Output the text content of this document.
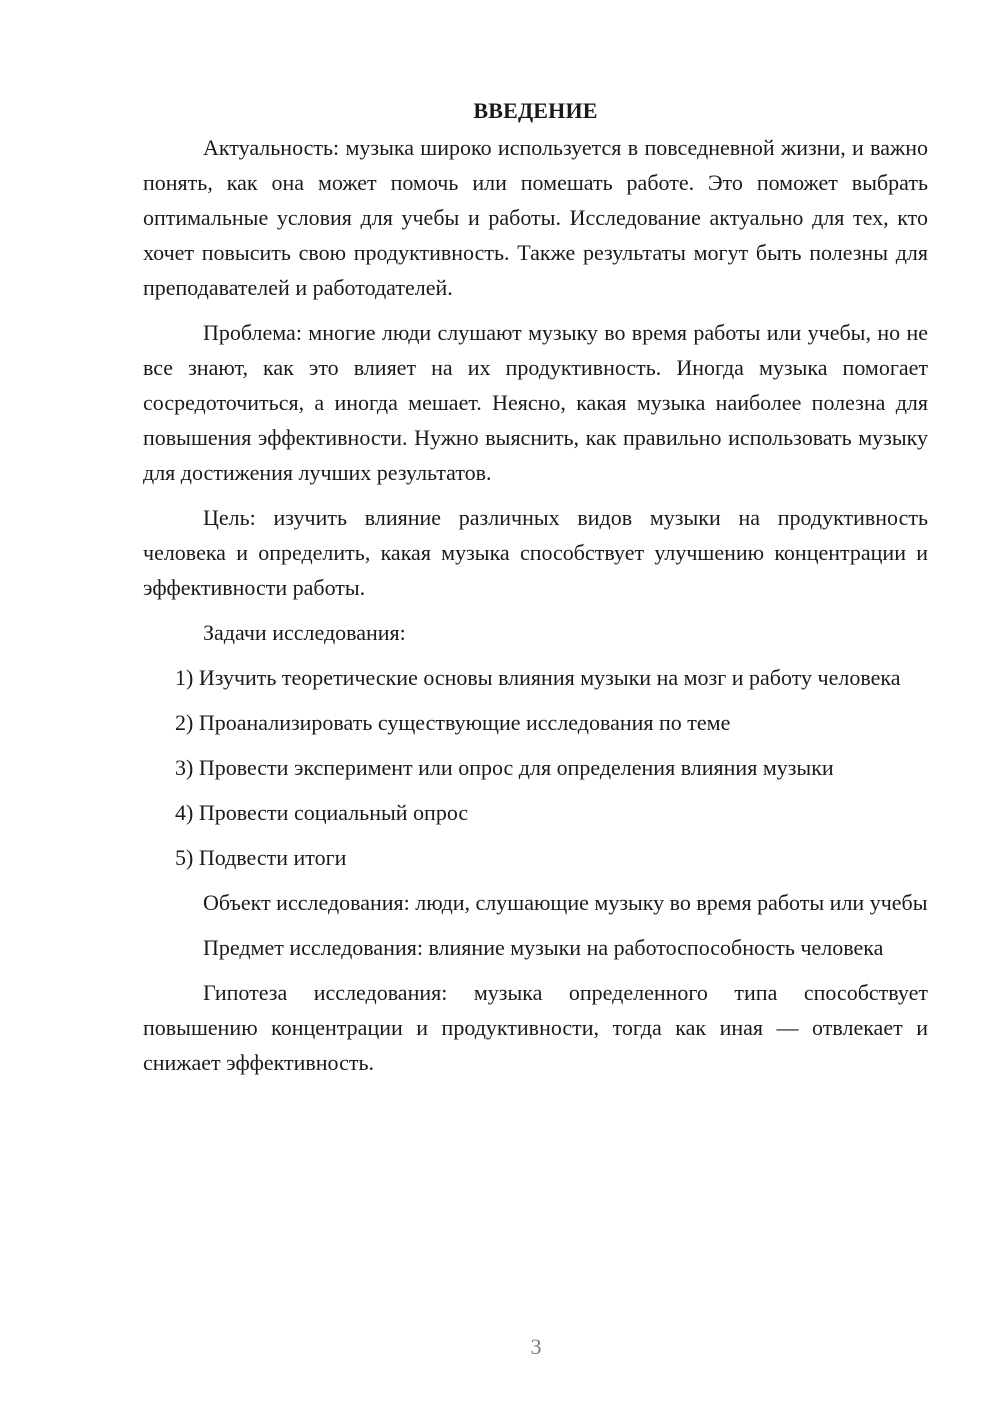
ВВЕДЕНИЕ

Актуальность: музыка широко используется в повседневной жизни, и важно понять, как она может помочь или помешать работе. Это поможет выбрать оптимальные условия для учебы и работы. Исследование актуально для тех, кто хочет повысить свою продуктивность. Также результаты могут быть полезны для преподавателей и работодателей.

Проблема: многие люди слушают музыку во время работы или учебы, но не все знают, как это влияет на их продуктивность. Иногда музыка помогает сосредоточиться, а иногда мешает. Неясно, какая музыка наиболее полезна для повышения эффективности. Нужно выяснить, как правильно использовать музыку для достижения лучших результатов.

Цель: изучить влияние различных видов музыки на продуктивность человека и определить, какая музыка способствует улучшению концентрации и эффективности работы.

Задачи исследования:

1) Изучить теоретические основы влияния музыки на мозг и работу человека

2) Проанализировать существующие исследования по теме

3) Провести эксперимент или опрос для определения влияния музыки

4) Провести социальный опрос

5) Подвести итоги

Объект исследования: люди, слушающие музыку во время работы или учебы

Предмет исследования: влияние музыки на работоспособность человека

Гипотеза исследования: музыка определенного типа способствует повышению концентрации и продуктивности, тогда как иная — отвлекает и снижает эффективность.

3
